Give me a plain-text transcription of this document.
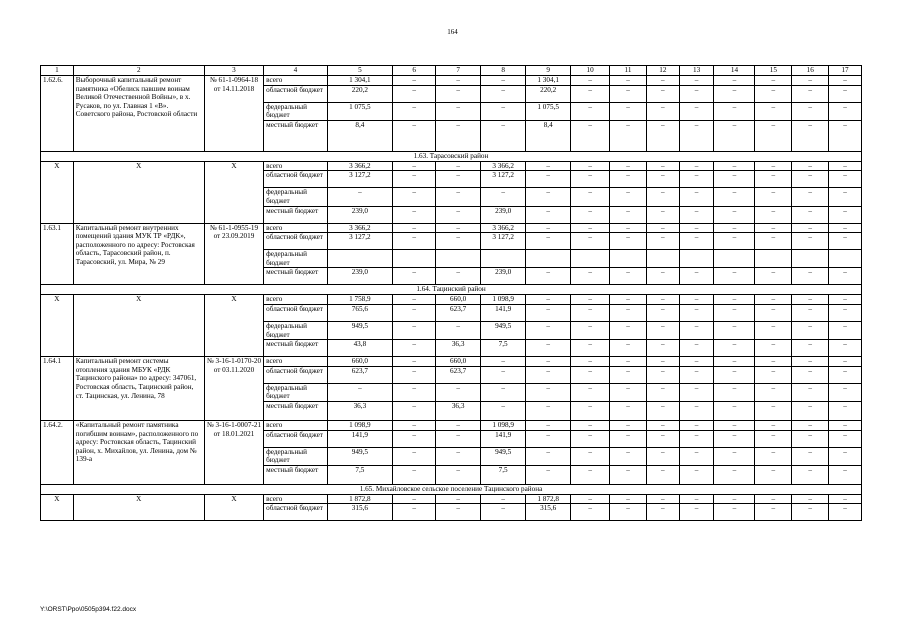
164
1	2	3	4	5	6	7	8	9	10	11	12	13	14	15	16	17
1.62.6.	Выборочный капитальный ремонт памятника «Обелиск павшим воинам Великой Отечественной Войны», в х. Русаков, по ул. Главная 1 «В». Советского района, Ростовской области	№ 61-1-0964-18 от 14.11.2018	всего	1 304,1	–	–	–	1 304,1	–	–	–	–	–	–	–	–
			областной бюджет	220,2	–	–	–	220,2	–	–	–	–	–	–	–	–
			федеральный бюджет	1 075,5	–	–	–	1 075,5	–	–	–	–	–	–	–	–
			местный бюджет	8,4	–	–	–	8,4	–	–	–	–	–	–	–	–
1.63. Тарасовский район																
X	X	X	всего	3 366,2	–	–	3 366,2	–	–	–	–	–	–	–	–	–
			областной бюджет	3 127,2	–	–	3 127,2	–	–	–	–	–	–	–	–	–
			федеральный бюджет	–	–	–	–	–	–	–	–	–	–	–	–	–
			местный бюджет	239,0	–	–	239,0	–	–	–	–	–	–	–	–	–
1.63.1	Капитальный ремонт внутренних помещений здания МУК ТР «РДК», расположенного по адресу: Ростовская область, Тарасовский район, п. Тарасовский, ул. Мира, № 29	№ 61-1-0955-19 от 23.09.2019	всего	3 366,2	–	–	3 366,2	–	–	–	–	–	–	–	–	–
			областной бюджет	3 127,2	–	–	3 127,2	–	–	–	–	–	–	–	–	–
			федеральный бюджет													
			местный бюджет	239,0	–	–	239,0	–	–	–	–	–	–	–	–	–
1.64. Тацинский район																
X	X	X	всего	1 758,9	–	660,0	1 098,9	–	–	–	–	–	–	–	–	–
			областной бюджет	765,6	–	623,7	141,9	–	–	–	–	–	–	–	–	–
			федеральный бюджет	949,5	–	–	949,5	–	–	–	–	–	–	–	–	–
			местный бюджет	43,8	–	36,3	7,5	–	–	–	–	–	–	–	–	–
1.64.1	Капитальный ремонт системы отопления здания МБУК «РДК Тацинского района» по адресу: 347061, Ростовская область, Тацинский район, ст. Тацинская, ул. Ленина, 78	№ 3-16-1-0170-20 от 03.11.2020	всего	660,0	–	660,0	–	–	–	–	–	–	–	–	–	–
			областной бюджет	623,7	–	623,7	–	–	–	–	–	–	–	–	–	–
			федеральный бюджет	–	–	–	–	–	–	–	–	–	–	–	–	–
			местный бюджет	36,3	–	36,3	–	–	–	–	–	–	–	–	–	–
1.64.2.	«Капитальный ремонт памятника погибшим воинам», расположенного по адресу: Ростовская область, Тацинский район, х. Михайлов, ул. Ленина, дом № 139-а	№ 3-16-1-0007-21 от 18.01.2021	всего	1 098,9	–	–	1 098,9	–	–	–	–	–	–	–	–	–
			областной бюджет	141,9	–	–	141,9	–	–	–	–	–	–	–	–	–
			федеральный бюджет	949,5	–	–	949,5	–	–	–	–	–	–	–	–	–
			местный бюджет	7,5	–	–	7,5	–	–	–	–	–	–	–	–	–
1.65. Михайловское сельское поселение Тацинского района																
X	X	X	всего	1 872,8	–	–	–	1 872,8	–	–	–	–	–	–	–	–
			областной бюджет	315,6	–	–	–	315,6	–	–	–	–	–	–	–	–
Y:\ORST\Ppo\0505p394.f22.docx
